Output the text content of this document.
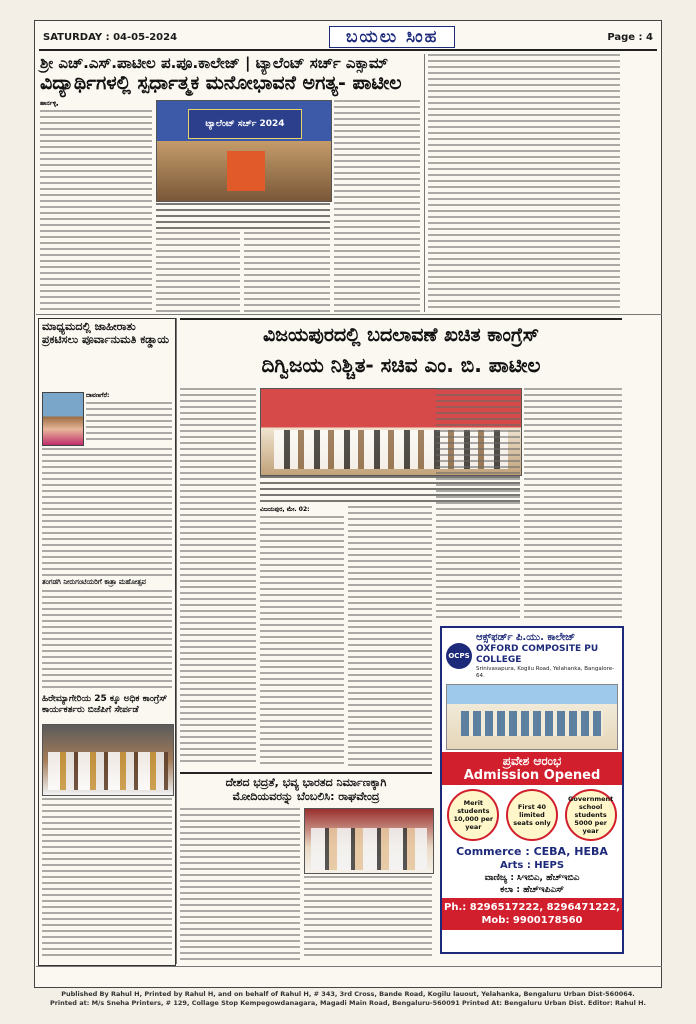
SATURDAY : 04-05-2024	ಬಯಲು ಸಿಂಹ	Page : 4
ಶ್ರೀ ಎಚ್.ಎಸ್.ಪಾಟೀಲ ಪ.ಪೂ.ಕಾಲೇಜ್ | ಟ್ಯಾಲೆಂಟ್ ಸರ್ಚ್ ಎಕ್ಸಾಮ್
ವಿದ್ಯಾರ್ಥಿಗಳಲ್ಲಿ ಸ್ಪರ್ಧಾತ್ಮಕ ಮನೋಭಾವನೆ ಅಗತ್ಯ- ಪಾಟೀಲ
ಹಾರ್ನಳ್ಳಿ,
ಟ್ಯಾಲೆಂಟ್ ಸರ್ಚ್ 2024
ಮಾಧ್ಯಮದಲ್ಲಿ ಜಾಹೀರಾತು ಪ್ರಕಟಿಸಲು ಪೂರ್ವಾನುಮತಿ ಕಡ್ಡಾಯ
ದಾವಣಗೆರೆ:
ತಂಗಡಗಿ ನೀರುಗಂಟಿಯರಿಗೆ ಕಾತ್ರಾ ಮಹೋತ್ಸವ
ಹಿರೇಮ್ಯಾಗೇರಿಯ 25 ಕ್ಕೂ ಅಧಿಕ ಕಾಂಗ್ರೆಸ್ ಕಾರ್ಯಕರ್ತರು ಬಿಜೆಪಿಗೆ ಸೇರ್ಪಡೆ
ವಿಜಯಪುರದಲ್ಲಿ ಬದಲಾವಣೆ ಖಚಿತ ಕಾಂಗ್ರೆಸ್
ದಿಗ್ವಿಜಯ ನಿಶ್ಚಿತ- ಸಚಿವ ಎಂ. ಬಿ. ಪಾಟೀಲ
ವಿಜಯಪುರ, ಮೇ. 02:
OCPS
ಆಕ್ಸ್‌ಫರ್ಡ್ ಪಿ.ಯು. ಕಾಲೇಜ್
OXFORD COMPOSITE PU COLLEGE
Srinivasapura, Kogilu Road, Yelahanka, Bangalore-64.
ಪ್ರವೇಶ ಆರಂಭ
Admission Opened
Merit students 10,000 per year
First 40 limited seats only
Government school students 5000 per year
Commerce : CEBA, HEBA
Arts : HEPS
ವಾಣಿಜ್ಯ : ಸಿಇಬಿಎ, ಹೆಚ್ಇಬಿಎ
ಕಲಾ : ಹೆಚ್ಇಪಿಎಸ್
Ph.: 8296517222, 8296471222,
Mob: 9900178560
ದೇಶದ ಭದ್ರತೆ, ಭವ್ಯ ಭಾರತದ ನಿರ್ಮಾಣಕ್ಕಾಗಿ
ಮೋದಿಯವರನ್ನು ಬೆಂಬಲಿಸಿ: ರಾಘವೇಂದ್ರ
Published By Rahul H, Printed by Rahul H, and on behalf of Rahul H, # 343, 3rd Cross, Bande Road, Kogilu lauout, Yelahanka, Bengaluru Urban Dist-560064.
Printed at: M/s Sneha Printers, # 129, Collage Stop Kempegowdanagara, Magadi Main Road, Bengaluru-560091 Printed At: Bengaluru Urban Dist. Editor: Rahul H.
